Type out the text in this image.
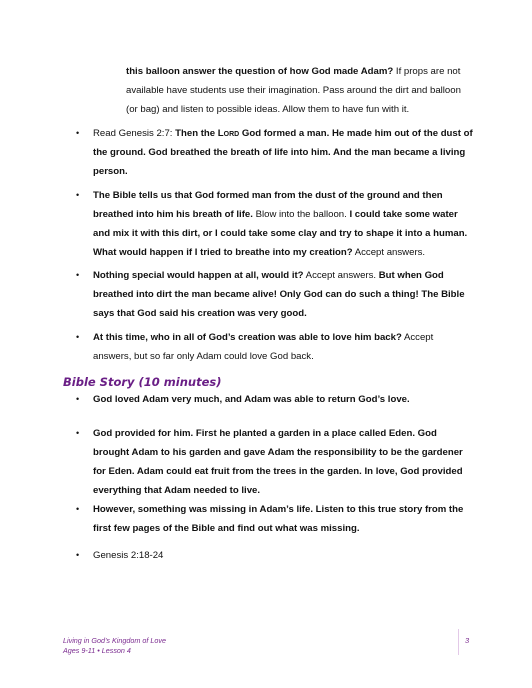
this balloon answer the question of how God made Adam? If props are not available have students use their imagination. Pass around the dirt and balloon (or bag) and listen to possible ideas. Allow them to have fun with it.
•	Read Genesis 2:7: Then the Lord God formed a man. He made him out of the dust of the ground. God breathed the breath of life into him. And the man became a living person.
•	The Bible tells us that God formed man from the dust of the ground and then breathed into him his breath of life. Blow into the balloon. I could take some water and mix it with this dirt, or I could take some clay and try to shape it into a human. What would happen if I tried to breathe into my creation? Accept answers.
•	Nothing special would happen at all, would it? Accept answers. But when God breathed into dirt the man became alive! Only God can do such a thing! The Bible says that God said his creation was very good.
•	At this time, who in all of God’s creation was able to love him back? Accept answers, but so far only Adam could love God back.
Bible Story (10 minutes)
•	God loved Adam very much, and Adam was able to return God’s love.
•	God provided for him. First he planted a garden in a place called Eden. God brought Adam to his garden and gave Adam the responsibility to be the gardener for Eden. Adam could eat fruit from the trees in the garden. In love, God provided everything that Adam needed to live.
•	However, something was missing in Adam’s life. Listen to this true story from the first few pages of the Bible and find out what was missing.
•	Genesis 2:18-24
Living in God’s Kingdom of Love
Ages 9-11 • Lesson 4
3
